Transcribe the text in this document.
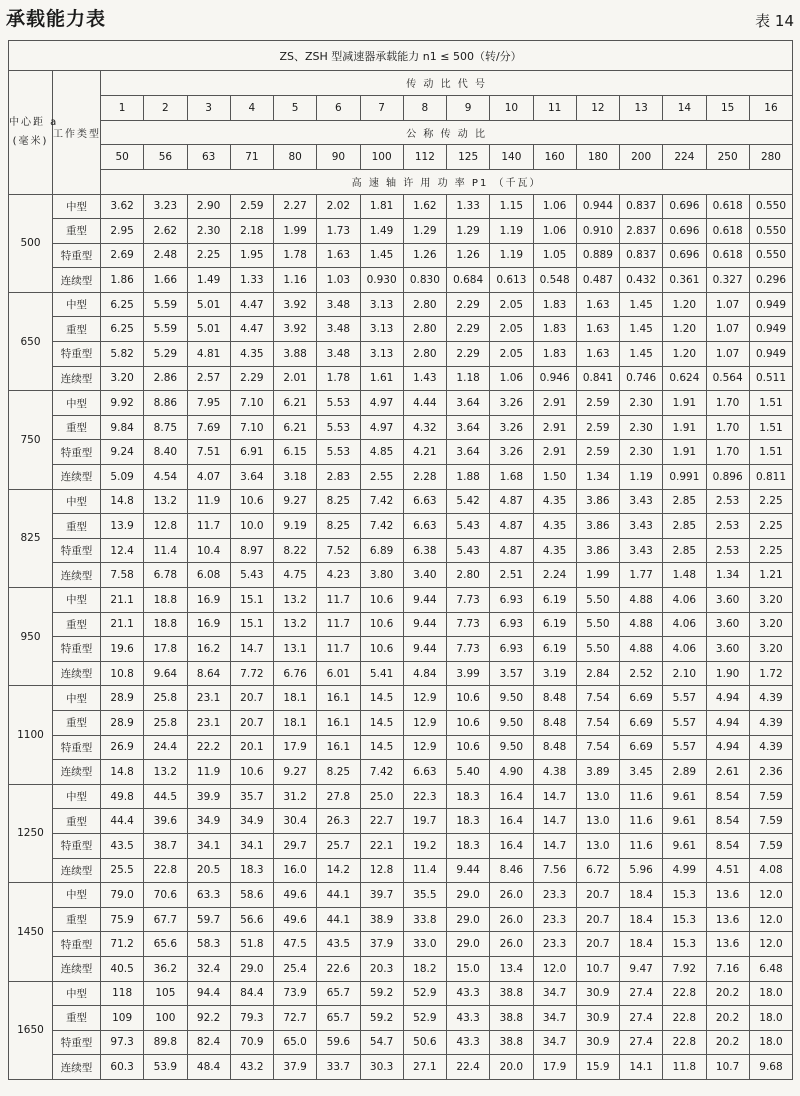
承载能力表	表 14
ZS、ZSH 型减速器承载能力 n1 ≤ 500（转/分）																	

中心距 a
(毫米)	工作类型	传 动 比 代 号															
		1	2	3	4	5	6	7	8	9	10	11	12	13	14	15	16
		公 称 传 动 比															
		50	56	63	71	80	90	100	112	125	140	160	180	200	224	250	280
		高 速 轴 许 用 功 率 P1 （千瓦）															
500	中型	3.62	3.23	2.90	2.59	2.27	2.02	1.81	1.62	1.33	1.15	1.06	0.944	0.837	0.696	0.618	0.550
	重型	2.95	2.62	2.30	2.18	1.99	1.73	1.49	1.29	1.29	1.19	1.06	0.910	2.837	0.696	0.618	0.550
	特重型	2.69	2.48	2.25	1.95	1.78	1.63	1.45	1.26	1.26	1.19	1.05	0.889	0.837	0.696	0.618	0.550
	连续型	1.86	1.66	1.49	1.33	1.16	1.03	0.930	0.830	0.684	0.613	0.548	0.487	0.432	0.361	0.327	0.296
650	中型	6.25	5.59	5.01	4.47	3.92	3.48	3.13	2.80	2.29	2.05	1.83	1.63	1.45	1.20	1.07	0.949
	重型	6.25	5.59	5.01	4.47	3.92	3.48	3.13	2.80	2.29	2.05	1.83	1.63	1.45	1.20	1.07	0.949
	特重型	5.82	5.29	4.81	4.35	3.88	3.48	3.13	2.80	2.29	2.05	1.83	1.63	1.45	1.20	1.07	0.949
	连续型	3.20	2.86	2.57	2.29	2.01	1.78	1.61	1.43	1.18	1.06	0.946	0.841	0.746	0.624	0.564	0.511
750	中型	9.92	8.86	7.95	7.10	6.21	5.53	4.97	4.44	3.64	3.26	2.91	2.59	2.30	1.91	1.70	1.51
	重型	9.84	8.75	7.69	7.10	6.21	5.53	4.97	4.32	3.64	3.26	2.91	2.59	2.30	1.91	1.70	1.51
	特重型	9.24	8.40	7.51	6.91	6.15	5.53	4.85	4.21	3.64	3.26	2.91	2.59	2.30	1.91	1.70	1.51
	连续型	5.09	4.54	4.07	3.64	3.18	2.83	2.55	2.28	1.88	1.68	1.50	1.34	1.19	0.991	0.896	0.811
825	中型	14.8	13.2	11.9	10.6	9.27	8.25	7.42	6.63	5.42	4.87	4.35	3.86	3.43	2.85	2.53	2.25
	重型	13.9	12.8	11.7	10.0	9.19	8.25	7.42	6.63	5.43	4.87	4.35	3.86	3.43	2.85	2.53	2.25
	特重型	12.4	11.4	10.4	8.97	8.22	7.52	6.89	6.38	5.43	4.87	4.35	3.86	3.43	2.85	2.53	2.25
	连续型	7.58	6.78	6.08	5.43	4.75	4.23	3.80	3.40	2.80	2.51	2.24	1.99	1.77	1.48	1.34	1.21
950	中型	21.1	18.8	16.9	15.1	13.2	11.7	10.6	9.44	7.73	6.93	6.19	5.50	4.88	4.06	3.60	3.20
	重型	21.1	18.8	16.9	15.1	13.2	11.7	10.6	9.44	7.73	6.93	6.19	5.50	4.88	4.06	3.60	3.20
	特重型	19.6	17.8	16.2	14.7	13.1	11.7	10.6	9.44	7.73	6.93	6.19	5.50	4.88	4.06	3.60	3.20
	连续型	10.8	9.64	8.64	7.72	6.76	6.01	5.41	4.84	3.99	3.57	3.19	2.84	2.52	2.10	1.90	1.72
1100	中型	28.9	25.8	23.1	20.7	18.1	16.1	14.5	12.9	10.6	9.50	8.48	7.54	6.69	5.57	4.94	4.39
	重型	28.9	25.8	23.1	20.7	18.1	16.1	14.5	12.9	10.6	9.50	8.48	7.54	6.69	5.57	4.94	4.39
	特重型	26.9	24.4	22.2	20.1	17.9	16.1	14.5	12.9	10.6	9.50	8.48	7.54	6.69	5.57	4.94	4.39
	连续型	14.8	13.2	11.9	10.6	9.27	8.25	7.42	6.63	5.40	4.90	4.38	3.89	3.45	2.89	2.61	2.36
1250	中型	49.8	44.5	39.9	35.7	31.2	27.8	25.0	22.3	18.3	16.4	14.7	13.0	11.6	9.61	8.54	7.59
	重型	44.4	39.6	34.9	34.9	30.4	26.3	22.7	19.7	18.3	16.4	14.7	13.0	11.6	9.61	8.54	7.59
	特重型	43.5	38.7	34.1	34.1	29.7	25.7	22.1	19.2	18.3	16.4	14.7	13.0	11.6	9.61	8.54	7.59
	连续型	25.5	22.8	20.5	18.3	16.0	14.2	12.8	11.4	9.44	8.46	7.56	6.72	5.96	4.99	4.51	4.08
1450	中型	79.0	70.6	63.3	58.6	49.6	44.1	39.7	35.5	29.0	26.0	23.3	20.7	18.4	15.3	13.6	12.0
	重型	75.9	67.7	59.7	56.6	49.6	44.1	38.9	33.8	29.0	26.0	23.3	20.7	18.4	15.3	13.6	12.0
	特重型	71.2	65.6	58.3	51.8	47.5	43.5	37.9	33.0	29.0	26.0	23.3	20.7	18.4	15.3	13.6	12.0
	连续型	40.5	36.2	32.4	29.0	25.4	22.6	20.3	18.2	15.0	13.4	12.0	10.7	9.47	7.92	7.16	6.48
1650	中型	118	105	94.4	84.4	73.9	65.7	59.2	52.9	43.3	38.8	34.7	30.9	27.4	22.8	20.2	18.0
	重型	109	100	92.2	79.3	72.7	65.7	59.2	52.9	43.3	38.8	34.7	30.9	27.4	22.8	20.2	18.0
	特重型	97.3	89.8	82.4	70.9	65.0	59.6	54.7	50.6	43.3	38.8	34.7	30.9	27.4	22.8	20.2	18.0
	连续型	60.3	53.9	48.4	43.2	37.9	33.7	30.3	27.1	22.4	20.0	17.9	15.9	14.1	11.8	10.7	9.68
